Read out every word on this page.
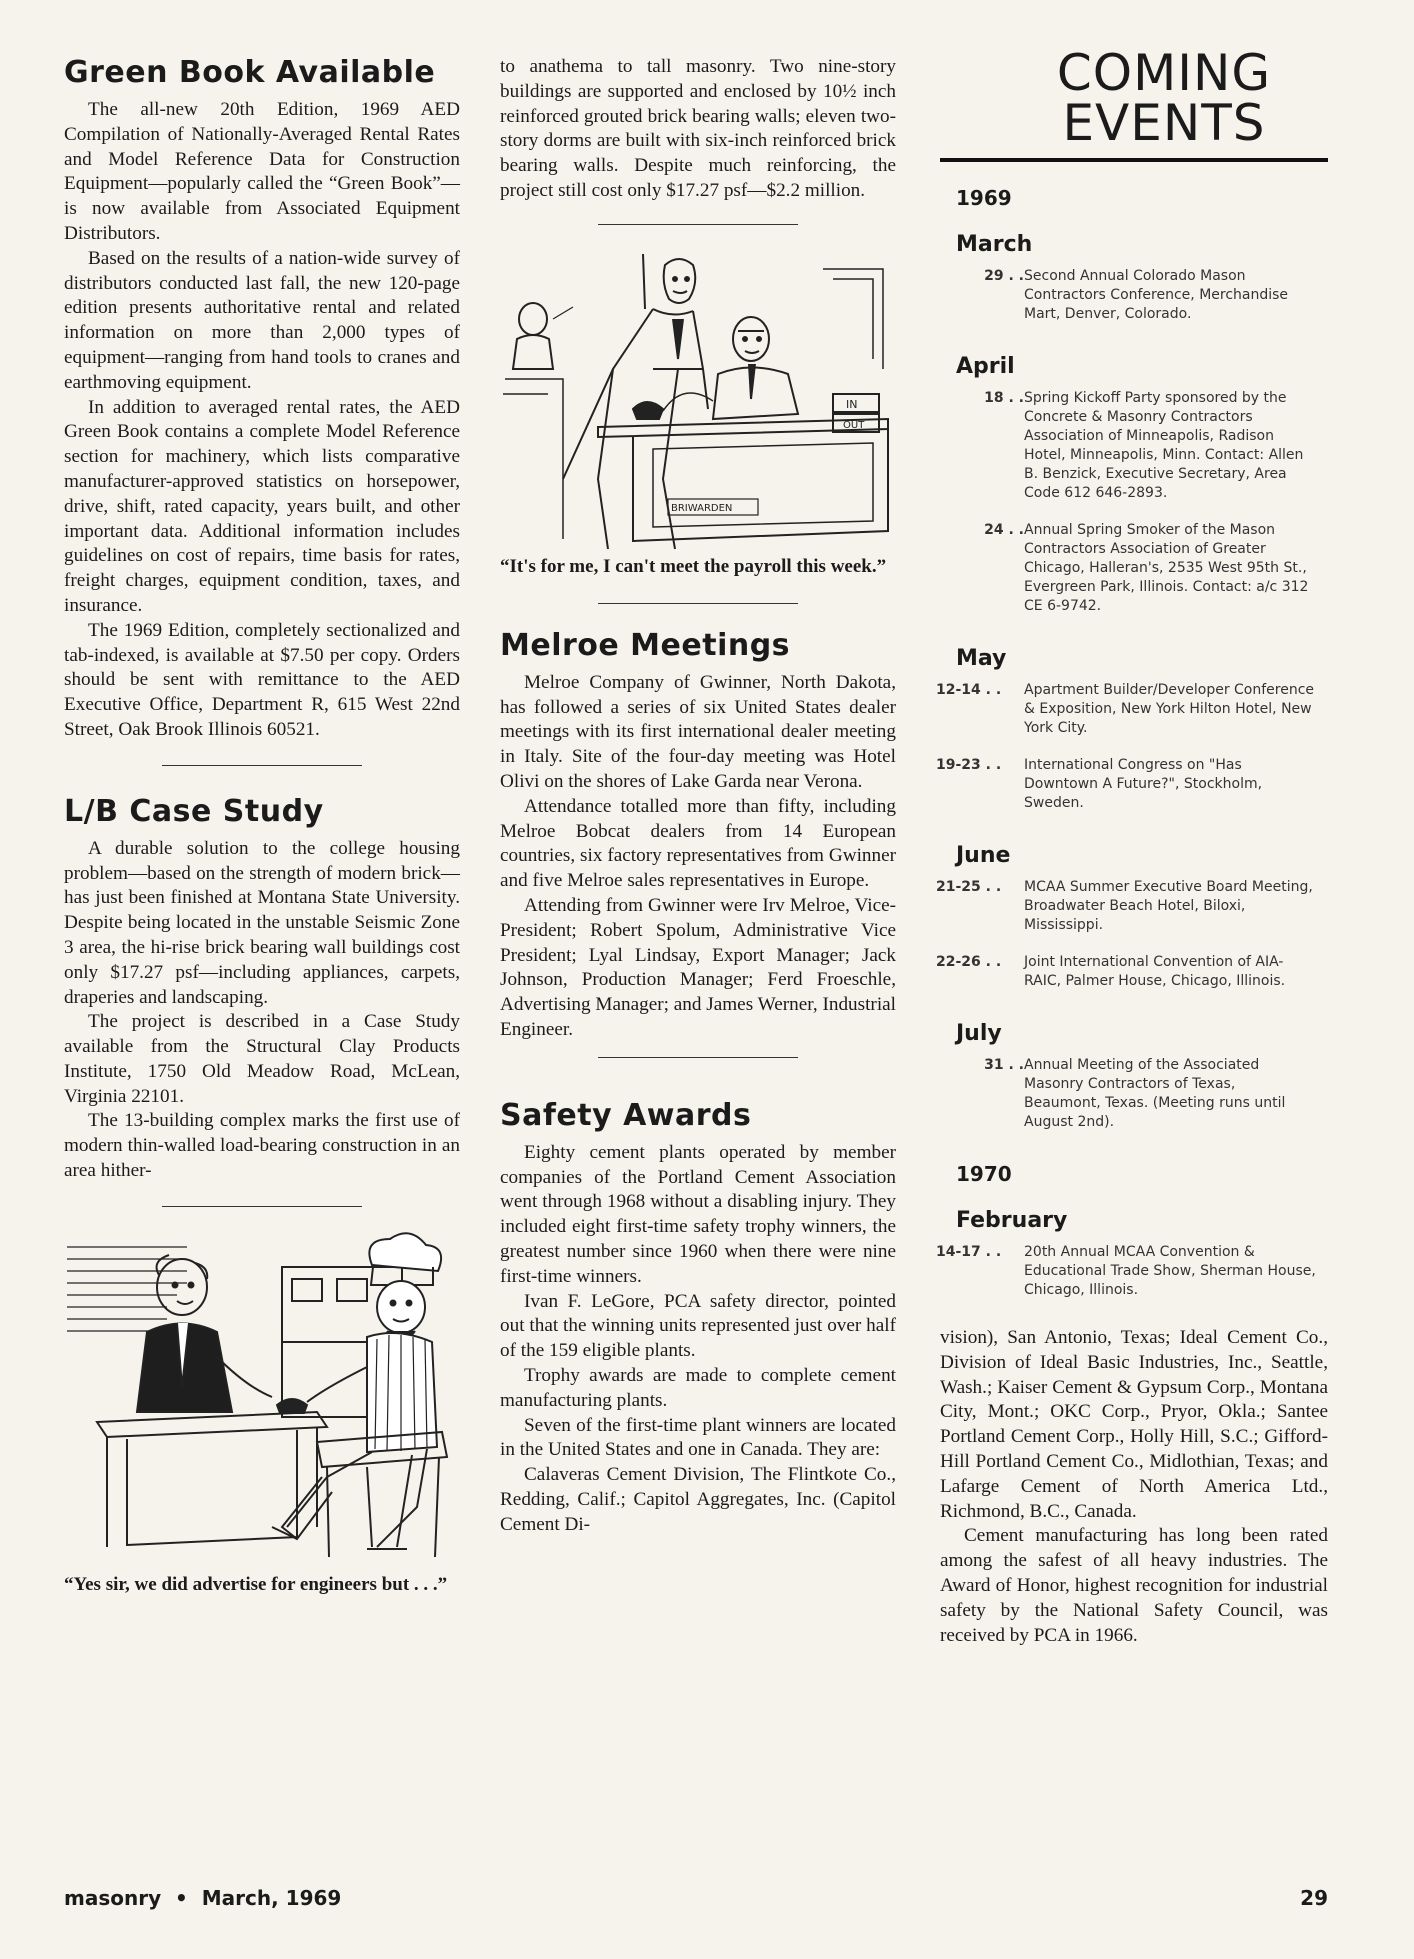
Green Book Available

The all-new 20th Edition, 1969 AED Compilation of Nationally-Averaged Rental Rates and Model Reference Data for Construction Equipment—popularly called the “Green Book”—is now available from Associated Equipment Distributors.

Based on the results of a nation-wide survey of distributors conducted last fall, the new 120-page edition presents authoritative rental and related information on more than 2,000 types of equipment—ranging from hand tools to cranes and earthmoving equipment.

In addition to averaged rental rates, the AED Green Book contains a complete Model Reference section for machinery, which lists comparative manufacturer-approved statistics on horsepower, drive, shift, rated capacity, years built, and other important data. Additional information includes guidelines on cost of repairs, time basis for rates, freight charges, equipment condition, taxes, and insurance.

The 1969 Edition, completely sectionalized and tab-indexed, is available at $7.50 per copy. Orders should be sent with remittance to the AED Executive Office, Department R, 615 West 22nd Street, Oak Brook Illinois 60521.

L/B Case Study

A durable solution to the college housing problem—based on the strength of modern brick—has just been finished at Montana State University. Despite being located in the unstable Seismic Zone 3 area, the hi-rise brick bearing wall buildings cost only $17.27 psf—including appliances, carpets, draperies and landscaping.

The project is described in a Case Study available from the Structural Clay Products Institute, 1750 Old Meadow Road, McLean, Virginia 22101.

The 13-building complex marks the first use of modern thin-walled load-bearing construction in an area hither-

“Yes sir, we did advertise for engineers but . . .”

to anathema to tall masonry. Two nine-story buildings are supported and enclosed by 10½ inch reinforced grouted brick bearing walls; eleven two-story dorms are built with six-inch reinforced brick bearing walls. Despite much reinforcing, the project still cost only $17.27 psf—$2.2 million.

IN
OUT
BRIWARDEN

“It's for me, I can't meet the payroll this week.”

Melroe Meetings

Melroe Company of Gwinner, North Dakota, has followed a series of six United States dealer meetings with its first international dealer meeting in Italy. Site of the four-day meeting was Hotel Olivi on the shores of Lake Garda near Verona.

Attendance totalled more than fifty, including Melroe Bobcat dealers from 14 European countries, six factory representatives from Gwinner and five Melroe sales representatives in Europe.

Attending from Gwinner were Irv Melroe, Vice-President; Robert Spolum, Administrative Vice President; Lyal Lindsay, Export Manager; Jack Johnson, Production Manager; Ferd Froeschle, Advertising Manager; and James Werner, Industrial Engineer.

Safety Awards

Eighty cement plants operated by member companies of the Portland Cement Association went through 1968 without a disabling injury. They included eight first-time safety trophy winners, the greatest number since 1960 when there were nine first-time winners.

Ivan F. LeGore, PCA safety director, pointed out that the winning units represented just over half of the 159 eligible plants.

Trophy awards are made to complete cement manufacturing plants.

Seven of the first-time plant winners are located in the United States and one in Canada. They are:

Calaveras Cement Division, The Flintkote Co., Redding, Calif.; Capitol Aggregates, Inc. (Capitol Cement Di-

COMING
EVENTS
1969
March
29 . . Second Annual Colorado Mason Contractors Conference, Merchandise Mart, Denver, Colorado.
April
18 . . Spring Kickoff Party sponsored by the Concrete & Masonry Contractors Association of Minneapolis, Radison Hotel, Minneapolis, Minn. Contact: Allen B. Benzick, Executive Secretary, Area Code 612 646-2893.
24 . . Annual Spring Smoker of the Mason Contractors Association of Greater Chicago, Halleran's, 2535 West 95th St., Evergreen Park, Illinois. Contact: a/c 312 CE 6-9742.
May
12-14 . .	Apartment Builder/Developer Conference & Exposition, New York Hilton Hotel, New York City.
19-23 . .	International Congress on "Has Downtown A Future?", Stockholm, Sweden.
June
21-25 . .	MCAA Summer Executive Board Meeting, Broadwater Beach Hotel, Biloxi, Mississippi.
22-26 . .	Joint International Convention of AIA-RAIC, Palmer House, Chicago, Illinois.
July
31 . . Annual Meeting of the Associated Masonry Contractors of Texas, Beaumont, Texas. (Meeting runs until August 2nd).
1970
February
14-17 . .	20th Annual MCAA Convention & Educational Trade Show, Sherman House, Chicago, Illinois.

vision), San Antonio, Texas; Ideal Cement Co., Division of Ideal Basic Industries, Inc., Seattle, Wash.; Kaiser Cement & Gypsum Corp., Montana City, Mont.; OKC Corp., Pryor, Okla.; Santee Portland Cement Corp., Holly Hill, S.C.; Gifford-Hill Portland Cement Co., Midlothian, Texas; and Lafarge Cement of North America Ltd., Richmond, B.C., Canada.

Cement manufacturing has long been rated among the safest of all heavy industries. The Award of Honor, highest recognition for industrial safety by the National Safety Council, was received by PCA in 1966.

masonry  •  March, 1969	29
